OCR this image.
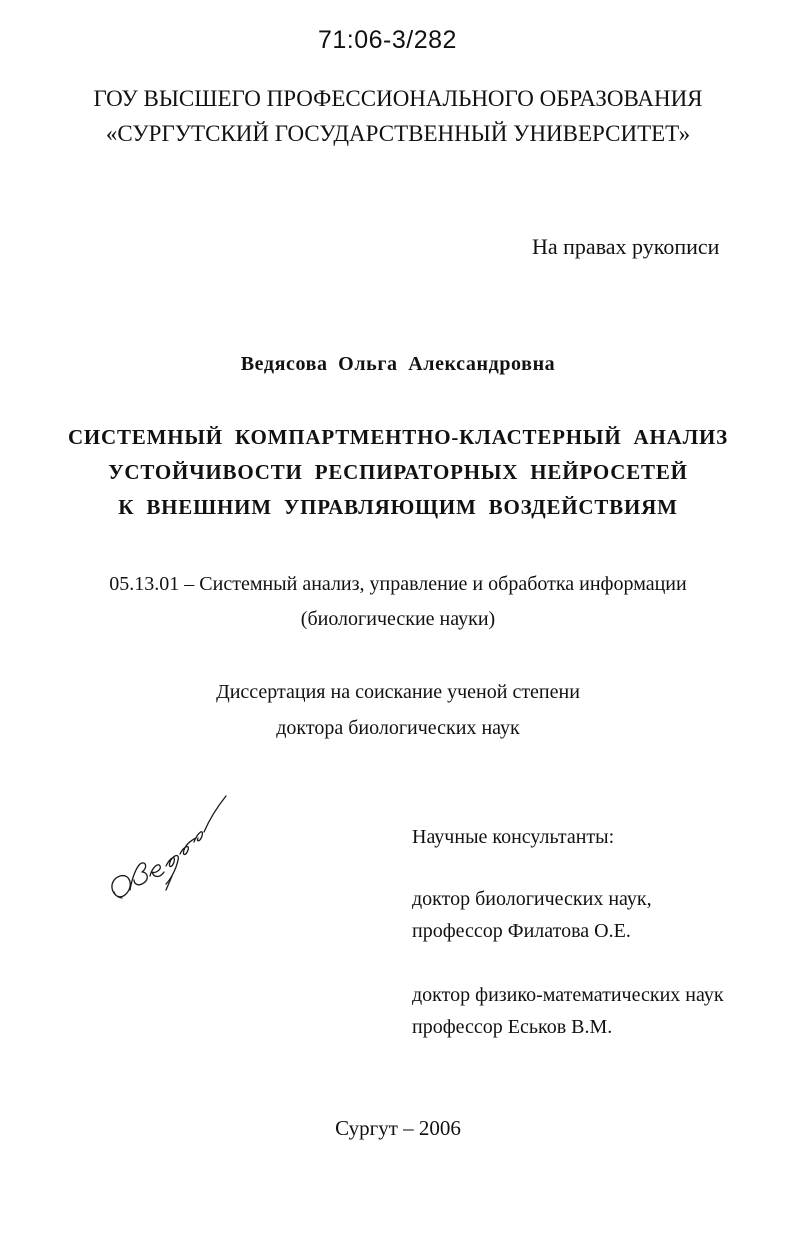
71:06-3/282
ГОУ ВЫСШЕГО ПРОФЕССИОНАЛЬНОГО ОБРАЗОВАНИЯ
«СУРГУТСКИЙ ГОСУДАРСТВЕННЫЙ УНИВЕРСИТЕТ»
На правах рукописи
Ведясова Ольга Александровна
СИСТЕМНЫЙ КОМПАРТМЕНТНО-КЛАСТЕРНЫЙ АНАЛИЗ
УСТОЙЧИВОСТИ РЕСПИРАТОРНЫХ НЕЙРОСЕТЕЙ
К ВНЕШНИМ УПРАВЛЯЮЩИМ ВОЗДЕЙСТВИЯМ
05.13.01 – Системный анализ, управление и обработка информации
(биологические науки)
Диссертация на соискание ученой степени
доктора биологических наук
Научные консультанты:
доктор биологических наук,
профессор Филатова О.Е.
доктор физико-математических наук
профессор Еськов В.М.
Сургут – 2006
